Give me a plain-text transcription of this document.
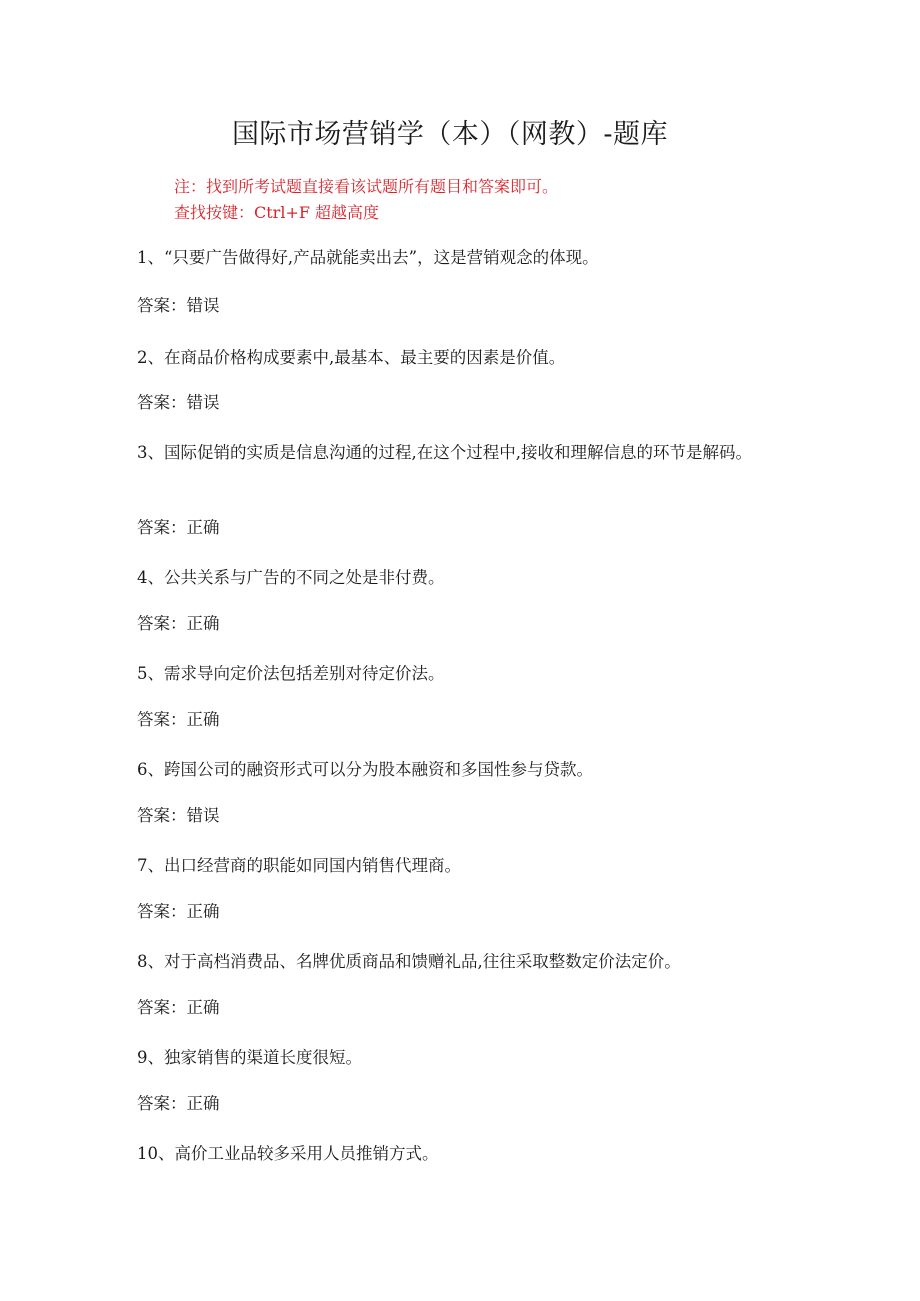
国际市场营销学（本）（网教）-题库
注：找到所考试题直接看该试题所有题目和答案即可。
查找按键：Ctrl+F 超越高度

1、“只要广告做得好,产品就能卖出去”，这是营销观念的体现。

答案：错误

2、在商品价格构成要素中,最基本、最主要的因素是价值。

答案：错误

3、国际促销的实质是信息沟通的过程,在这个过程中,接收和理解信息的环节是解码。

答案：正确

4、公共关系与广告的不同之处是非付费。

答案：正确

5、需求导向定价法包括差别对待定价法。

答案：正确

6、跨国公司的融资形式可以分为股本融资和多国性参与贷款。

答案：错误

7、出口经营商的职能如同国内销售代理商。

答案：正确

8、对于高档消费品、名牌优质商品和馈赠礼品,往往采取整数定价法定价。

答案：正确

9、独家销售的渠道长度很短。

答案：正确

10、高价工业品较多采用人员推销方式。
